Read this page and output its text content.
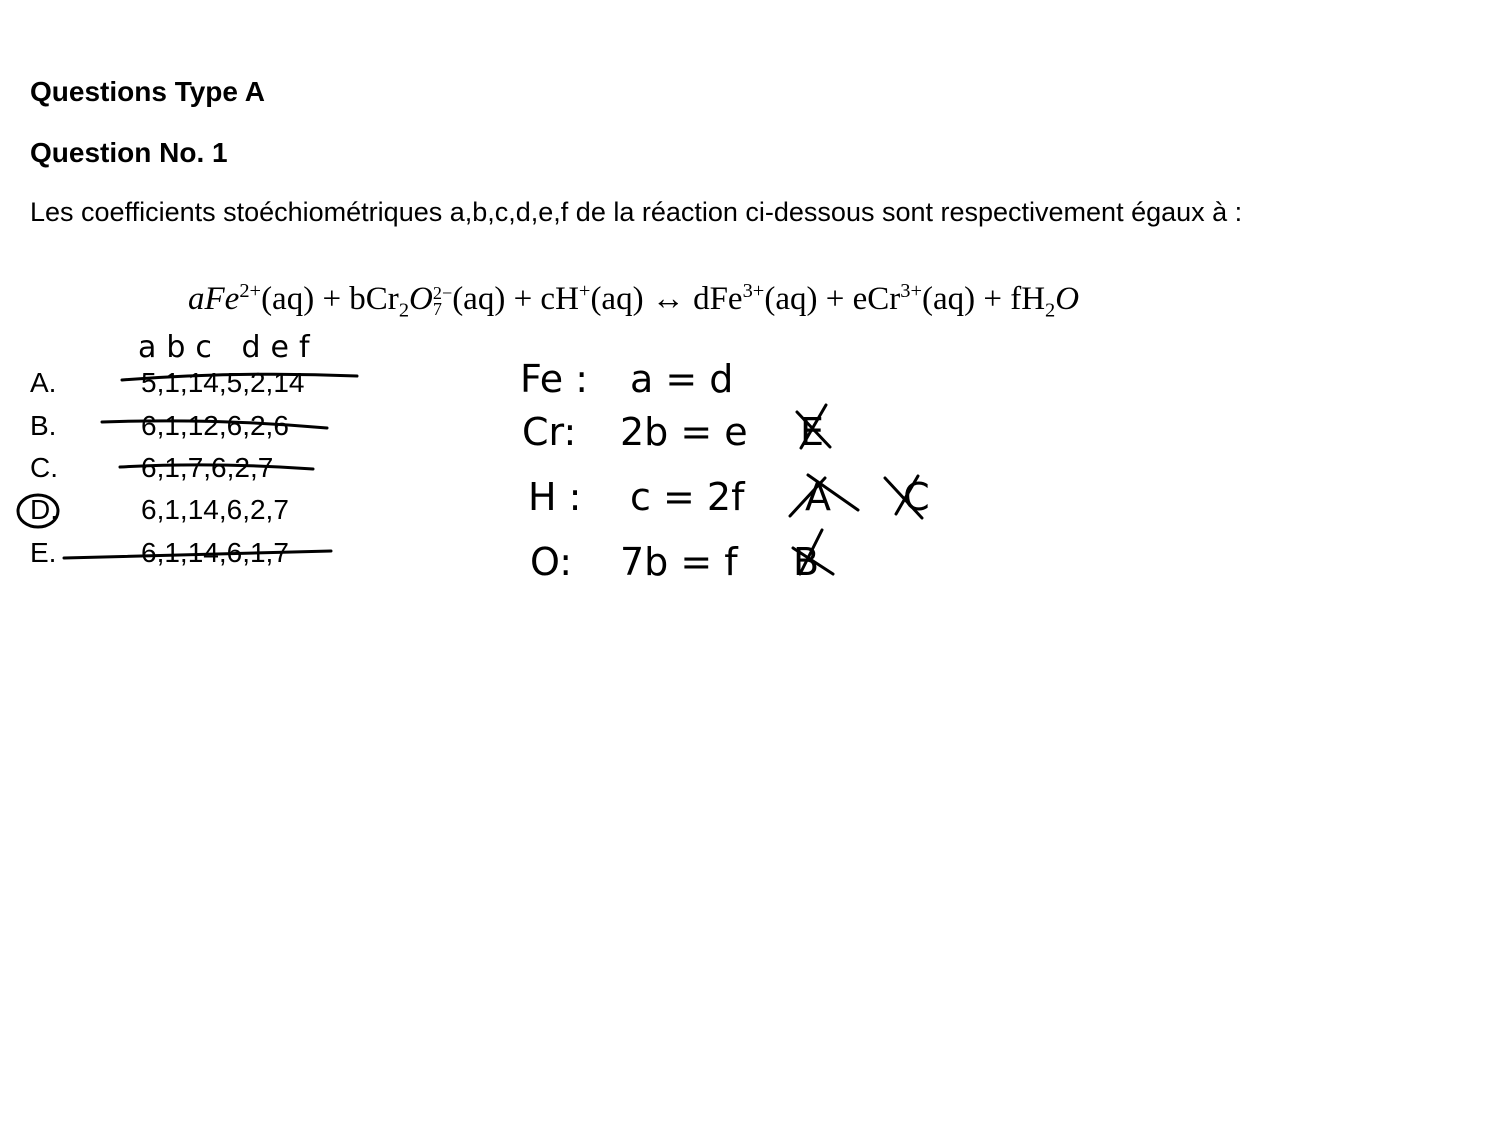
Questions Type A
Question No. 1
Les coefficients stoéchiométriques a,b,c,d,e,f de la réaction ci-dessous sont respectivement égaux à :
aFe$^{2+}$(aq) + bCr$_2$O 2−
7 (aq) + cH+(aq) ↔ $dFe^{3+}(aq) + eCr^{3+}(aq) + fH_2O$
abc def
A.	5,1,14,5,2,14
B.	6,1,12,6,2,6
C.	6,1,7,6,2,7
D.	6,1,14,6,2,7
E.	6,1,14,6,1,7
Fe : a = d
Cr: 2b = e E
H : c = 2f A C
O: 7b = f B
